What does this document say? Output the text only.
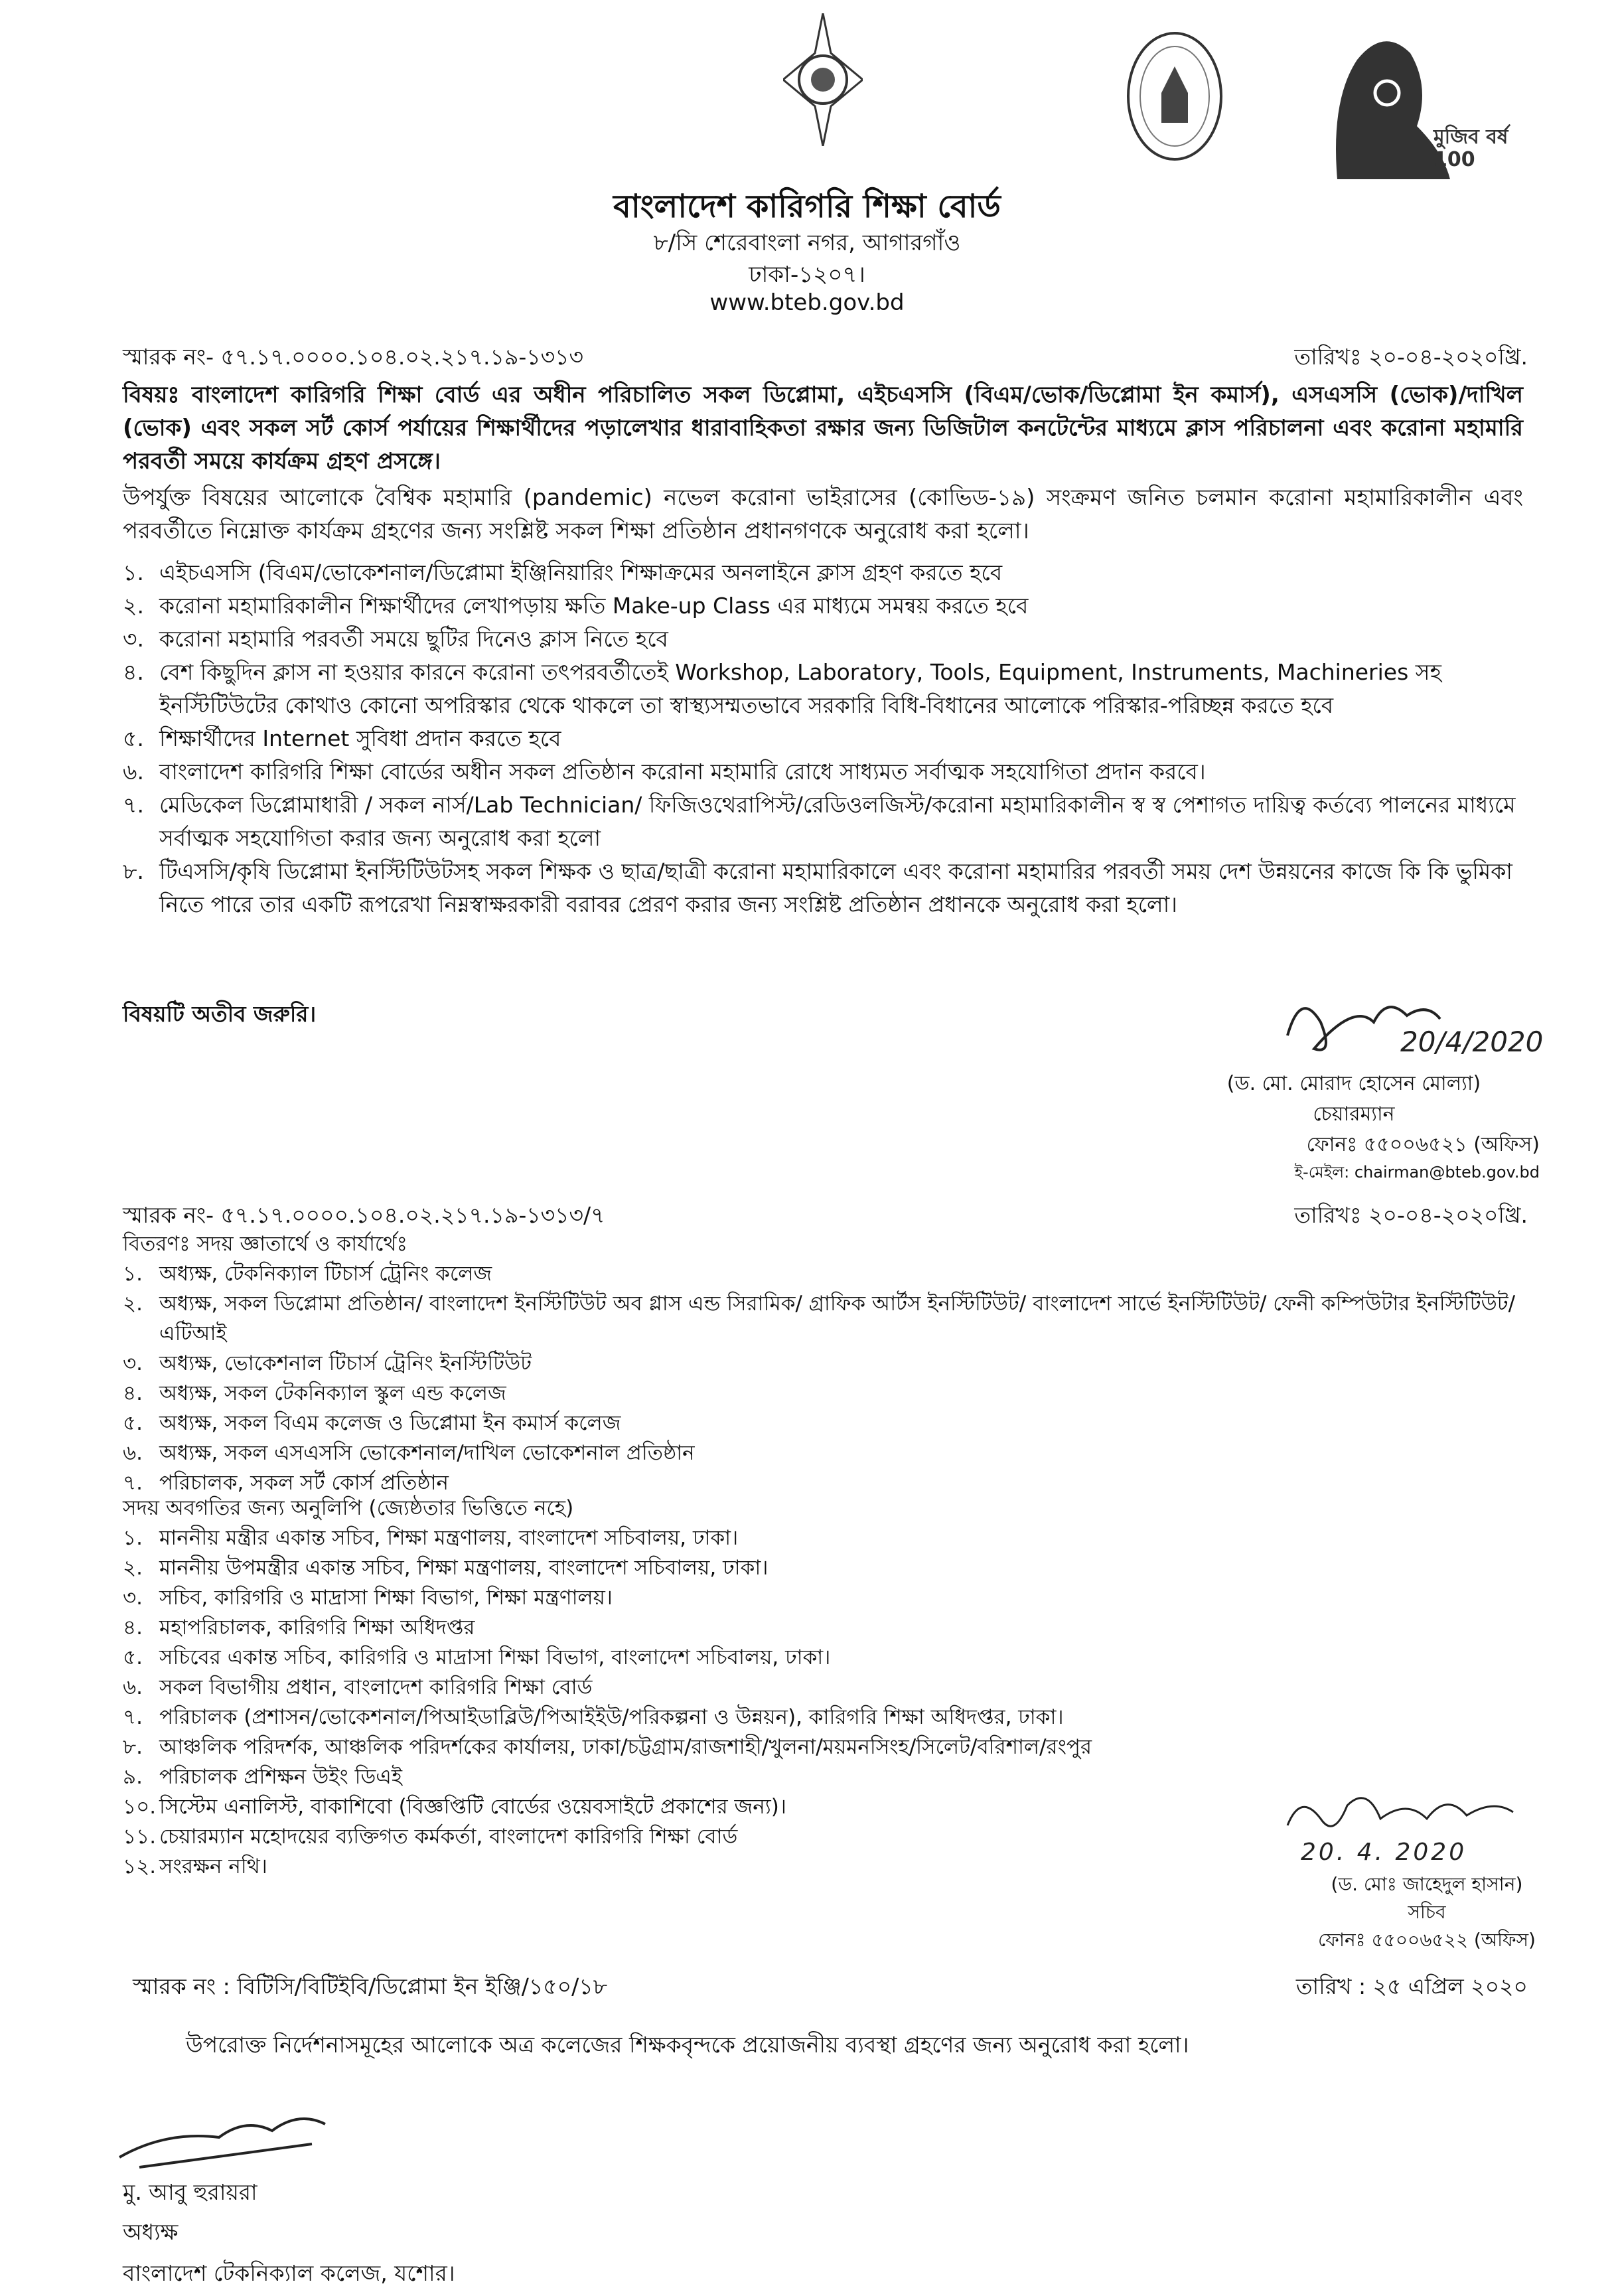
মুজিব বর্ষ 100
বাংলাদেশ কারিগরি শিক্ষা বোর্ড
৮/সি শেরেবাংলা নগর, আগারগাঁও
ঢাকা-১২০৭।
www.bteb.gov.bd
স্মারক নং- ৫৭.১৭.০০০০.১০৪.০২.২১৭.১৯-১৩১৩	তারিখঃ ২০-০৪-২০২০খ্রি.
বিষয়ঃ বাংলাদেশ কারিগরি শিক্ষা বোর্ড এর অধীন পরিচালিত সকল ডিপ্লোমা, এইচএসসি (বিএম/ভোক/ডিপ্লোমা ইন কমার্স), এসএসসি (ভোক)/দাখিল (ভোক) এবং সকল সর্ট কোর্স পর্যায়ের শিক্ষার্থীদের পড়ালেখার ধারাবাহিকতা রক্ষার জন্য ডিজিটাল কনটেন্টের মাধ্যমে ক্লাস পরিচালনা এবং করোনা মহামারি পরবর্তী সময়ে কার্যক্রম গ্রহণ প্রসঙ্গে।
উপর্যুক্ত বিষয়ের আলোকে বৈশ্বিক মহামারি (pandemic) নভেল করোনা ভাইরাসের (কোভিড-১৯) সংক্রমণ জনিত চলমান করোনা মহামারিকালীন এবং পরবর্তীতে নিম্নোক্ত কার্যক্রম গ্রহণের জন্য সংশ্লিষ্ট সকল শিক্ষা প্রতিষ্ঠান প্রধানগণকে অনুরোধ করা হলো।
১. এইচএসসি (বিএম/ভোকেশনাল/ডিপ্লোমা ইঞ্জিনিয়ারিং শিক্ষাক্রমের অনলাইনে ক্লাস গ্রহণ করতে হবে
২. করোনা মহামারিকালীন শিক্ষার্থীদের লেখাপড়ায় ক্ষতি Make-up Class এর মাধ্যমে সমন্বয় করতে হবে
৩. করোনা মহামারি পরবর্তী সময়ে ছুটির দিনেও ক্লাস নিতে হবে
৪. বেশ কিছুদিন ক্লাস না হওয়ার কারনে করোনা তৎপরবর্তীতেই Workshop, Laboratory, Tools, Equipment, Instruments, Machineries সহ ইনস্টিটিউটের কোথাও কোনো অপরিস্কার থেকে থাকলে তা স্বাস্থ্যসম্মতভাবে সরকারি বিধি-বিধানের আলোকে পরিস্কার-পরিচ্ছন্ন করতে হবে
৫. শিক্ষার্থীদের Internet সুবিধা প্রদান করতে হবে
৬. বাংলাদেশ কারিগরি শিক্ষা বোর্ডের অধীন সকল প্রতিষ্ঠান করোনা মহামারি রোধে সাধ্যমত সর্বাত্মক সহযোগিতা প্রদান করবে।
৭. মেডিকেল ডিপ্লোমাধারী / সকল নার্স/Lab Technician/ ফিজিওথেরাপিস্ট/রেডিওলজিস্ট/করোনা মহামারিকালীন স্ব স্ব পেশাগত দায়িত্ব কর্তব্যে পালনের মাধ্যমে সর্বাত্মক সহযোগিতা করার জন্য অনুরোধ করা হলো
৮. টিএসসি/কৃষি ডিপ্লোমা ইনস্টিটিউটসহ সকল শিক্ষক ও ছাত্র/ছাত্রী করোনা মহামারিকালে এবং করোনা মহামারির পরবর্তী সময় দেশ উন্নয়নের কাজে কি কি ভুমিকা নিতে পারে তার একটি রূপরেখা নিম্নস্বাক্ষরকারী বরাবর প্রেরণ করার জন্য সংশ্লিষ্ট প্রতিষ্ঠান প্রধানকে অনুরোধ করা হলো।
বিষয়টি অতীব জরুরি।
20/4/2020
(ড. মো. মোরাদ হোসেন মোল্যা)
চেয়ারম্যান
ফোনঃ ৫৫০০৬৫২১ (অফিস)
ই-মেইল: chairman@bteb.gov.bd
স্মারক নং- ৫৭.১৭.০০০০.১০৪.০২.২১৭.১৯-১৩১৩/৭	তারিখঃ ২০-০৪-২০২০খ্রি.
বিতরণঃ সদয় জ্ঞাতার্থে ও কার্যার্থেঃ
১. অধ্যক্ষ, টেকনিক্যাল টিচার্স ট্রেনিং কলেজ
২. অধ্যক্ষ, সকল ডিপ্লোমা প্রতিষ্ঠান/ বাংলাদেশ ইনস্টিটিউট অব গ্লাস এন্ড সিরামিক/ গ্রাফিক আর্টস ইনস্টিটিউট/ বাংলাদেশ সার্ভে ইনস্টিটিউট/ ফেনী কম্পিউটার ইনস্টিটিউট/ এটিআই
৩. অধ্যক্ষ, ভোকেশনাল টিচার্স ট্রেনিং ইনস্টিটিউট
৪. অধ্যক্ষ, সকল টেকনিক্যাল স্কুল এন্ড কলেজ
৫. অধ্যক্ষ, সকল বিএম কলেজ ও ডিপ্লোমা ইন কমার্স কলেজ
৬. অধ্যক্ষ, সকল এসএসসি ভোকেশনাল/দাখিল ভোকেশনাল প্রতিষ্ঠান
৭. পরিচালক, সকল সর্ট কোর্স প্রতিষ্ঠান
সদয় অবগতির জন্য অনুলিপি (জ্যেষ্ঠতার ভিত্তিতে নহে)
১. মাননীয় মন্ত্রীর একান্ত সচিব, শিক্ষা মন্ত্রণালয়, বাংলাদেশ সচিবালয়, ঢাকা।
২. মাননীয় উপমন্ত্রীর একান্ত সচিব, শিক্ষা মন্ত্রণালয়, বাংলাদেশ সচিবালয়, ঢাকা।
৩. সচিব, কারিগরি ও মাদ্রাসা শিক্ষা বিভাগ, শিক্ষা মন্ত্রণালয়।
৪. মহাপরিচালক, কারিগরি শিক্ষা অধিদপ্তর
৫. সচিবের একান্ত সচিব, কারিগরি ও মাদ্রাসা শিক্ষা বিভাগ, বাংলাদেশ সচিবালয়, ঢাকা।
৬. সকল বিভাগীয় প্রধান, বাংলাদেশ কারিগরি শিক্ষা বোর্ড
৭. পরিচালক (প্রশাসন/ভোকেশনাল/পিআইডাব্লিউ/পিআইইউ/পরিকল্পনা ও উন্নয়ন), কারিগরি শিক্ষা অধিদপ্তর, ঢাকা।
৮. আঞ্চলিক পরিদর্শক, আঞ্চলিক পরিদর্শকের কার্যালয়, ঢাকা/চট্টগ্রাম/রাজশাহী/খুলনা/ময়মনসিংহ/সিলেট/বরিশাল/রংপুর
৯. পরিচালক প্রশিক্ষন উইং ডিএই
১০. সিস্টেম এনালিস্ট, বাকাশিবো (বিজ্ঞপ্তিটি বোর্ডের ওয়েবসাইটে প্রকাশের জন্য)।
১১. চেয়ারম্যান মহোদয়ের ব্যক্তিগত কর্মকর্তা, বাংলাদেশ কারিগরি শিক্ষা বোর্ড
১২. সংরক্ষন নথি।
20. 4. 2020
(ড. মোঃ জাহেদুল হাসান)
সচিব
ফোনঃ ৫৫০০৬৫২২ (অফিস)
স্মারক নং : বিটিসি/বিটিইবি/ডিপ্লোমা ইন ইঞ্জি/১৫০/১৮	তারিখ : ২৫ এপ্রিল ২০২০
উপরোক্ত নির্দেশনাসমূহের আলোকে অত্র কলেজের শিক্ষকবৃন্দকে প্রয়োজনীয় ব্যবস্থা গ্রহণের জন্য অনুরোধ করা হলো।
মু. আবু হুরায়রা
অধ্যক্ষ
বাংলাদেশ টেকনিক্যাল কলেজ, যশোর।
